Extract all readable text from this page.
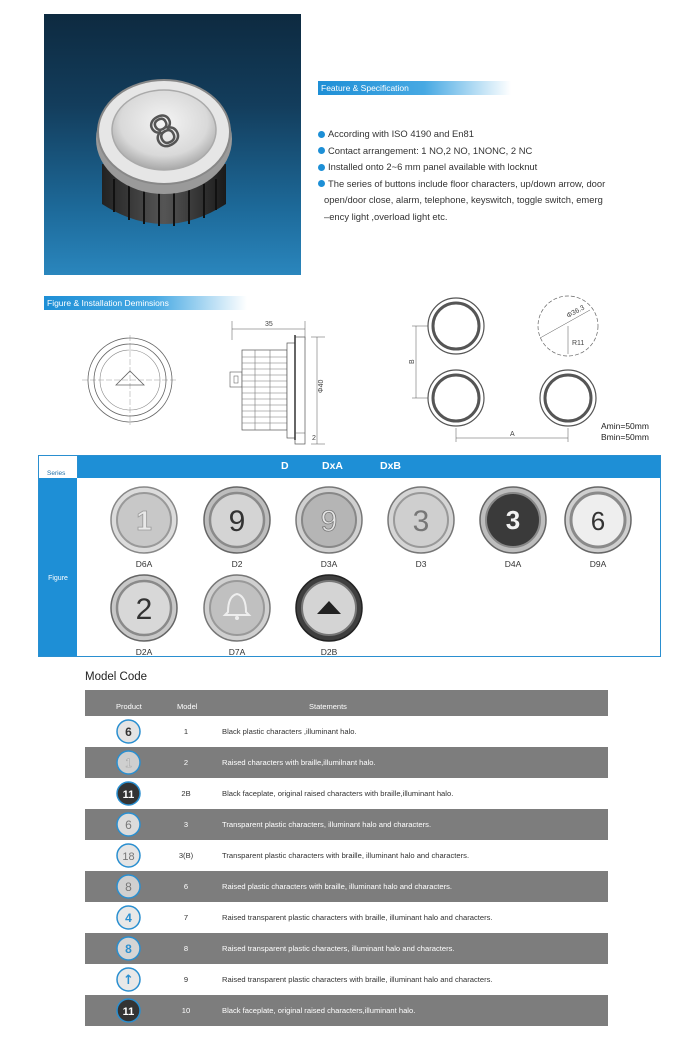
8
Feature & Specification
According with ISO 4190 and En81
Contact arrangement: 1 NO,2 NO, 1NONC, 2 NC
Installed onto 2~6 mm panel available with locknut
The series of buttons include floor characters, up/down arrow, door
open/door close, alarm, telephone, keyswitch, toggle switch, emerg
–ency light ,overload light etc.
Figure & Installation Deminsions
35
Φ40
2
B
A
Φ36.3
R11
Amin=50mm
Bmin=50mm
Series
Figure

Model
D	DxA	DxB
1
D6A
9
D2
9
D3A
3
D3
3
D4A
6
D9A
2
D2A	D7A	D2B
Model Code
Product	Model	Statements
6	1	Black plastic characters ,illuminant halo.
1	2	Raised characters with braille,illumilnant halo.
11	2B	Black faceplate, original raised characters with braille,illuminant halo.
6	3	Transparent plastic characters, illuminant halo and characters.
18	3(B)	Transparent plastic characters with braille, illuminant halo and characters.
8	6	Raised plastic characters with braille, illuminant halo and characters.
4	7	Raised transparent plastic characters with braille, illuminant halo and characters.
8	8	Raised transparent plastic characters, illuminant halo and characters.
↑	9	Raised transparent plastic characters with braille, illuminant halo and characters.
11	10	Black faceplate, original raised characters,illuminant halo.
